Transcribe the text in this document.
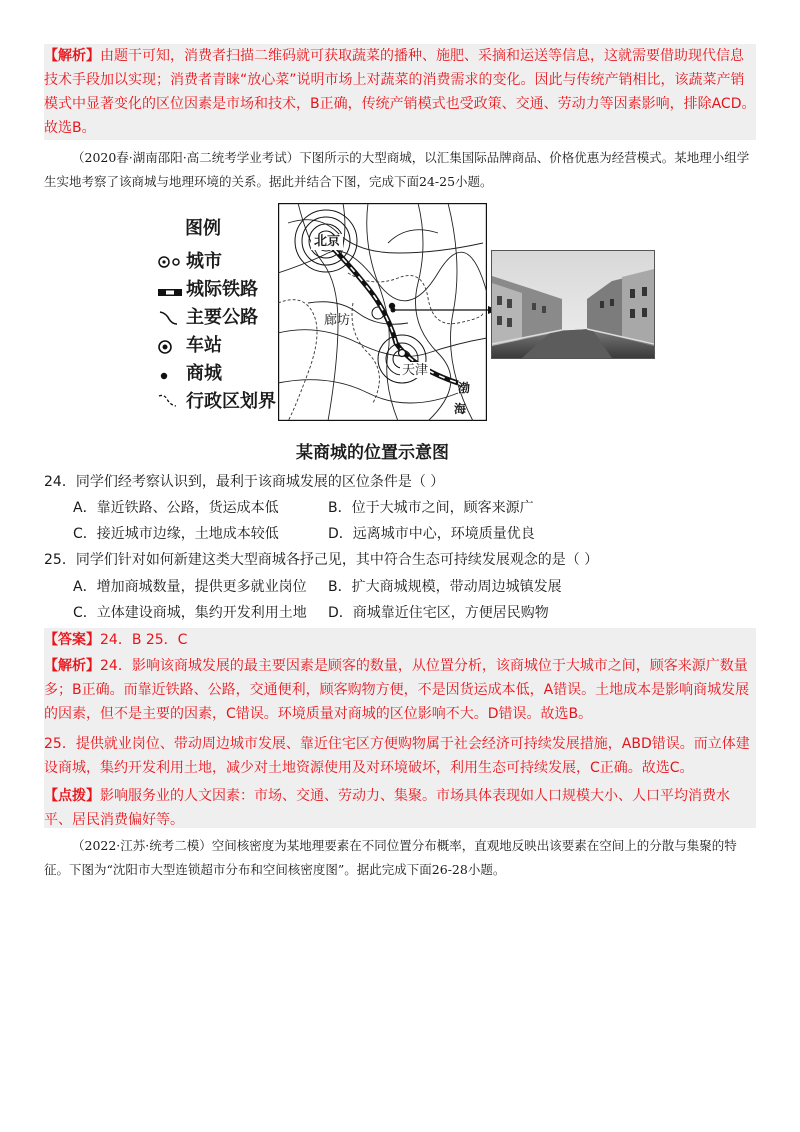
【解析】由题干可知，消费者扫描二维码就可获取蔬菜的播种、施肥、采摘和运送等信息，这就需要借助现代信息技术手段加以实现；消费者青睐“放心菜”说明市场上对蔬菜的消费需求的变化。因此与传统产销相比，该蔬菜产销模式中显著变化的区位因素是市场和技术，B正确，传统产销模式也受政策、交通、劳动力等因素影响，排除ACD。故选B。
（2020春·湖南邵阳·高二统考学业考试）下图所示的大型商城，以汇集国际品牌商品、价格优惠为经营模式。某地理小组学生实地考察了该商城与地理环境的关系。据此并结合下图，完成下面24-25小题。
图例
城市
城际铁路
主要公路
车站
商城
行政区划界
北京
廊坊
天津
渤
海
某商城的位置示意图
24．同学们经考察认识到，最利于该商城发展的区位条件是（ ）
A．靠近铁路、公路，货运成本低	B．位于大城市之间，顾客来源广
C．接近城市边缘，土地成本较低	D．远离城市中心，环境质量优良
25．同学们针对如何新建这类大型商城各抒己见，其中符合生态可持续发展观念的是（ ）
A．增加商城数量，提供更多就业岗位 B．扩大商城规模，带动周边城镇发展
C．立体建设商城，集约开发利用土地 D．商城靠近住宅区，方便居民购物
【答案】24．B 25．C
【解析】24．影响该商城发展的最主要因素是顾客的数量，从位置分析，该商城位于大城市之间，顾客来源广数量多；B正确。而靠近铁路、公路，交通便利，顾客购物方便，不是因货运成本低，A错误。土地成本是影响商城发展的因素，但不是主要的因素，C错误。环境质量对商城的区位影响不大。D错误。故选B。
25．提供就业岗位、带动周边城市发展、靠近住宅区方便购物属于社会经济可持续发展措施，ABD错误。而立体建设商城，集约开发利用土地，减少对土地资源使用及对环境破坏，利用生态可持续发展，C正确。故选C。
【点拨】影响服务业的人文因素：市场、交通、劳动力、集聚。市场具体表现如人口规模大小、人口平均消费水平、居民消费偏好等。
（2022·江苏·统考二模）空间核密度为某地理要素在不同位置分布概率，直观地反映出该要素在空间上的分散与集聚的特征。下图为“沈阳市大型连锁超市分布和空间核密度图”。据此完成下面26-28小题。
